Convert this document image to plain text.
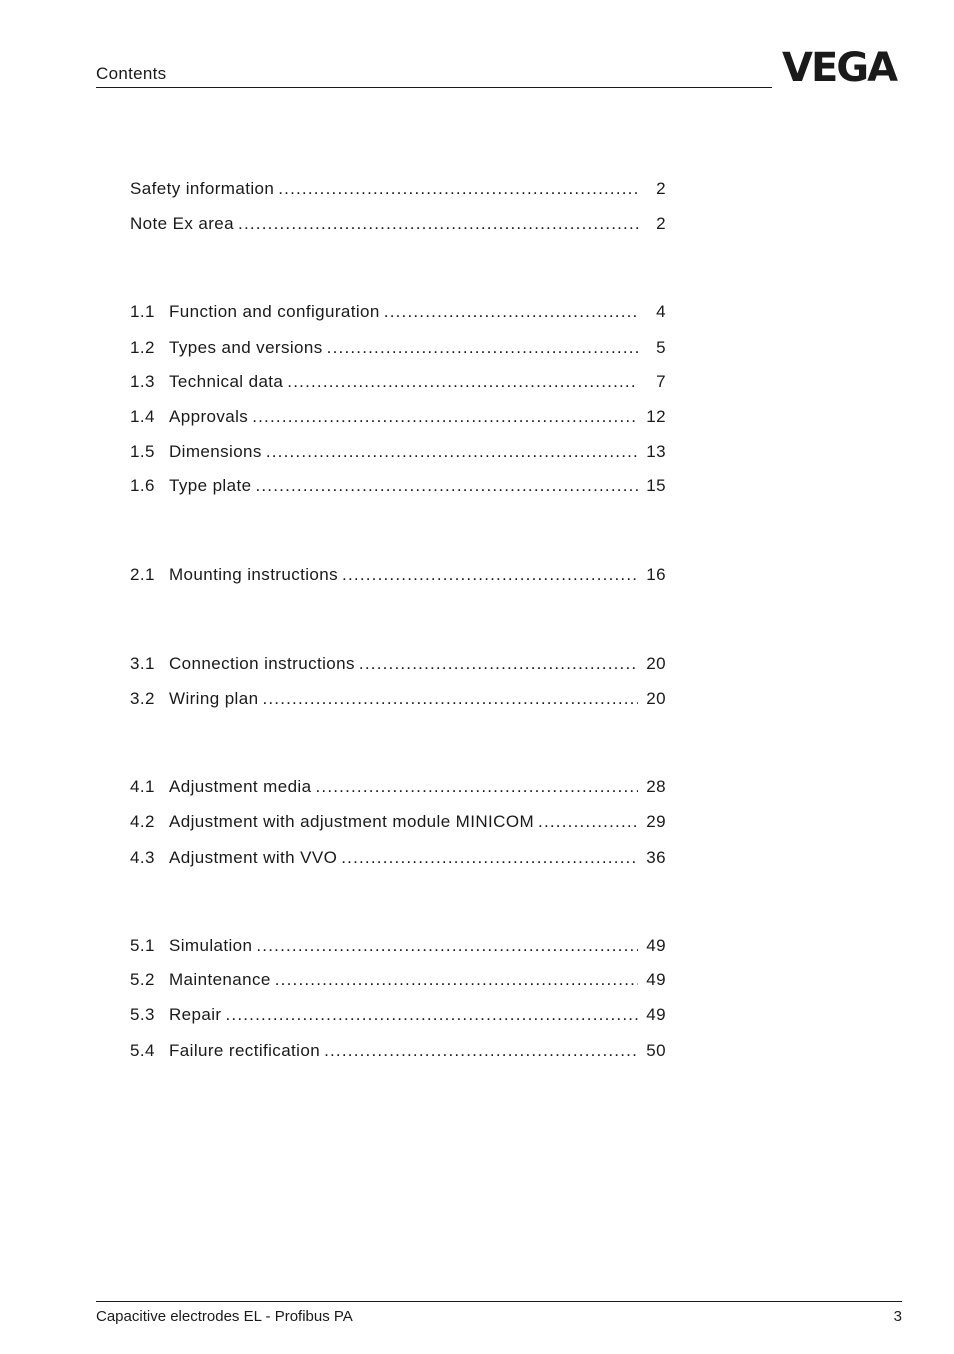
Contents	VEGA
Safety information .....	2
Note Ex area .....	2
1.1 Function and configuration .....	4
1.2 Types and versions .....	5
1.3 Technical data .....	7
1.4 Approvals .....	12
1.5 Dimensions .....	13
1.6 Type plate .....	15
2.1 Mounting instructions .....	16
3.1 Connection instructions .....	20
3.2 Wiring plan .....	20
4.1 Adjustment media .....	28
4.2 Adjustment with adjustment module MINICOM .....	29
4.3 Adjustment with VVO .....	36
5.1 Simulation .....	49
5.2 Maintenance .....	49
5.3 Repair .....	49
5.4 Failure rectification .....	50
Capacitive electrodes EL - Profibus PA	3
